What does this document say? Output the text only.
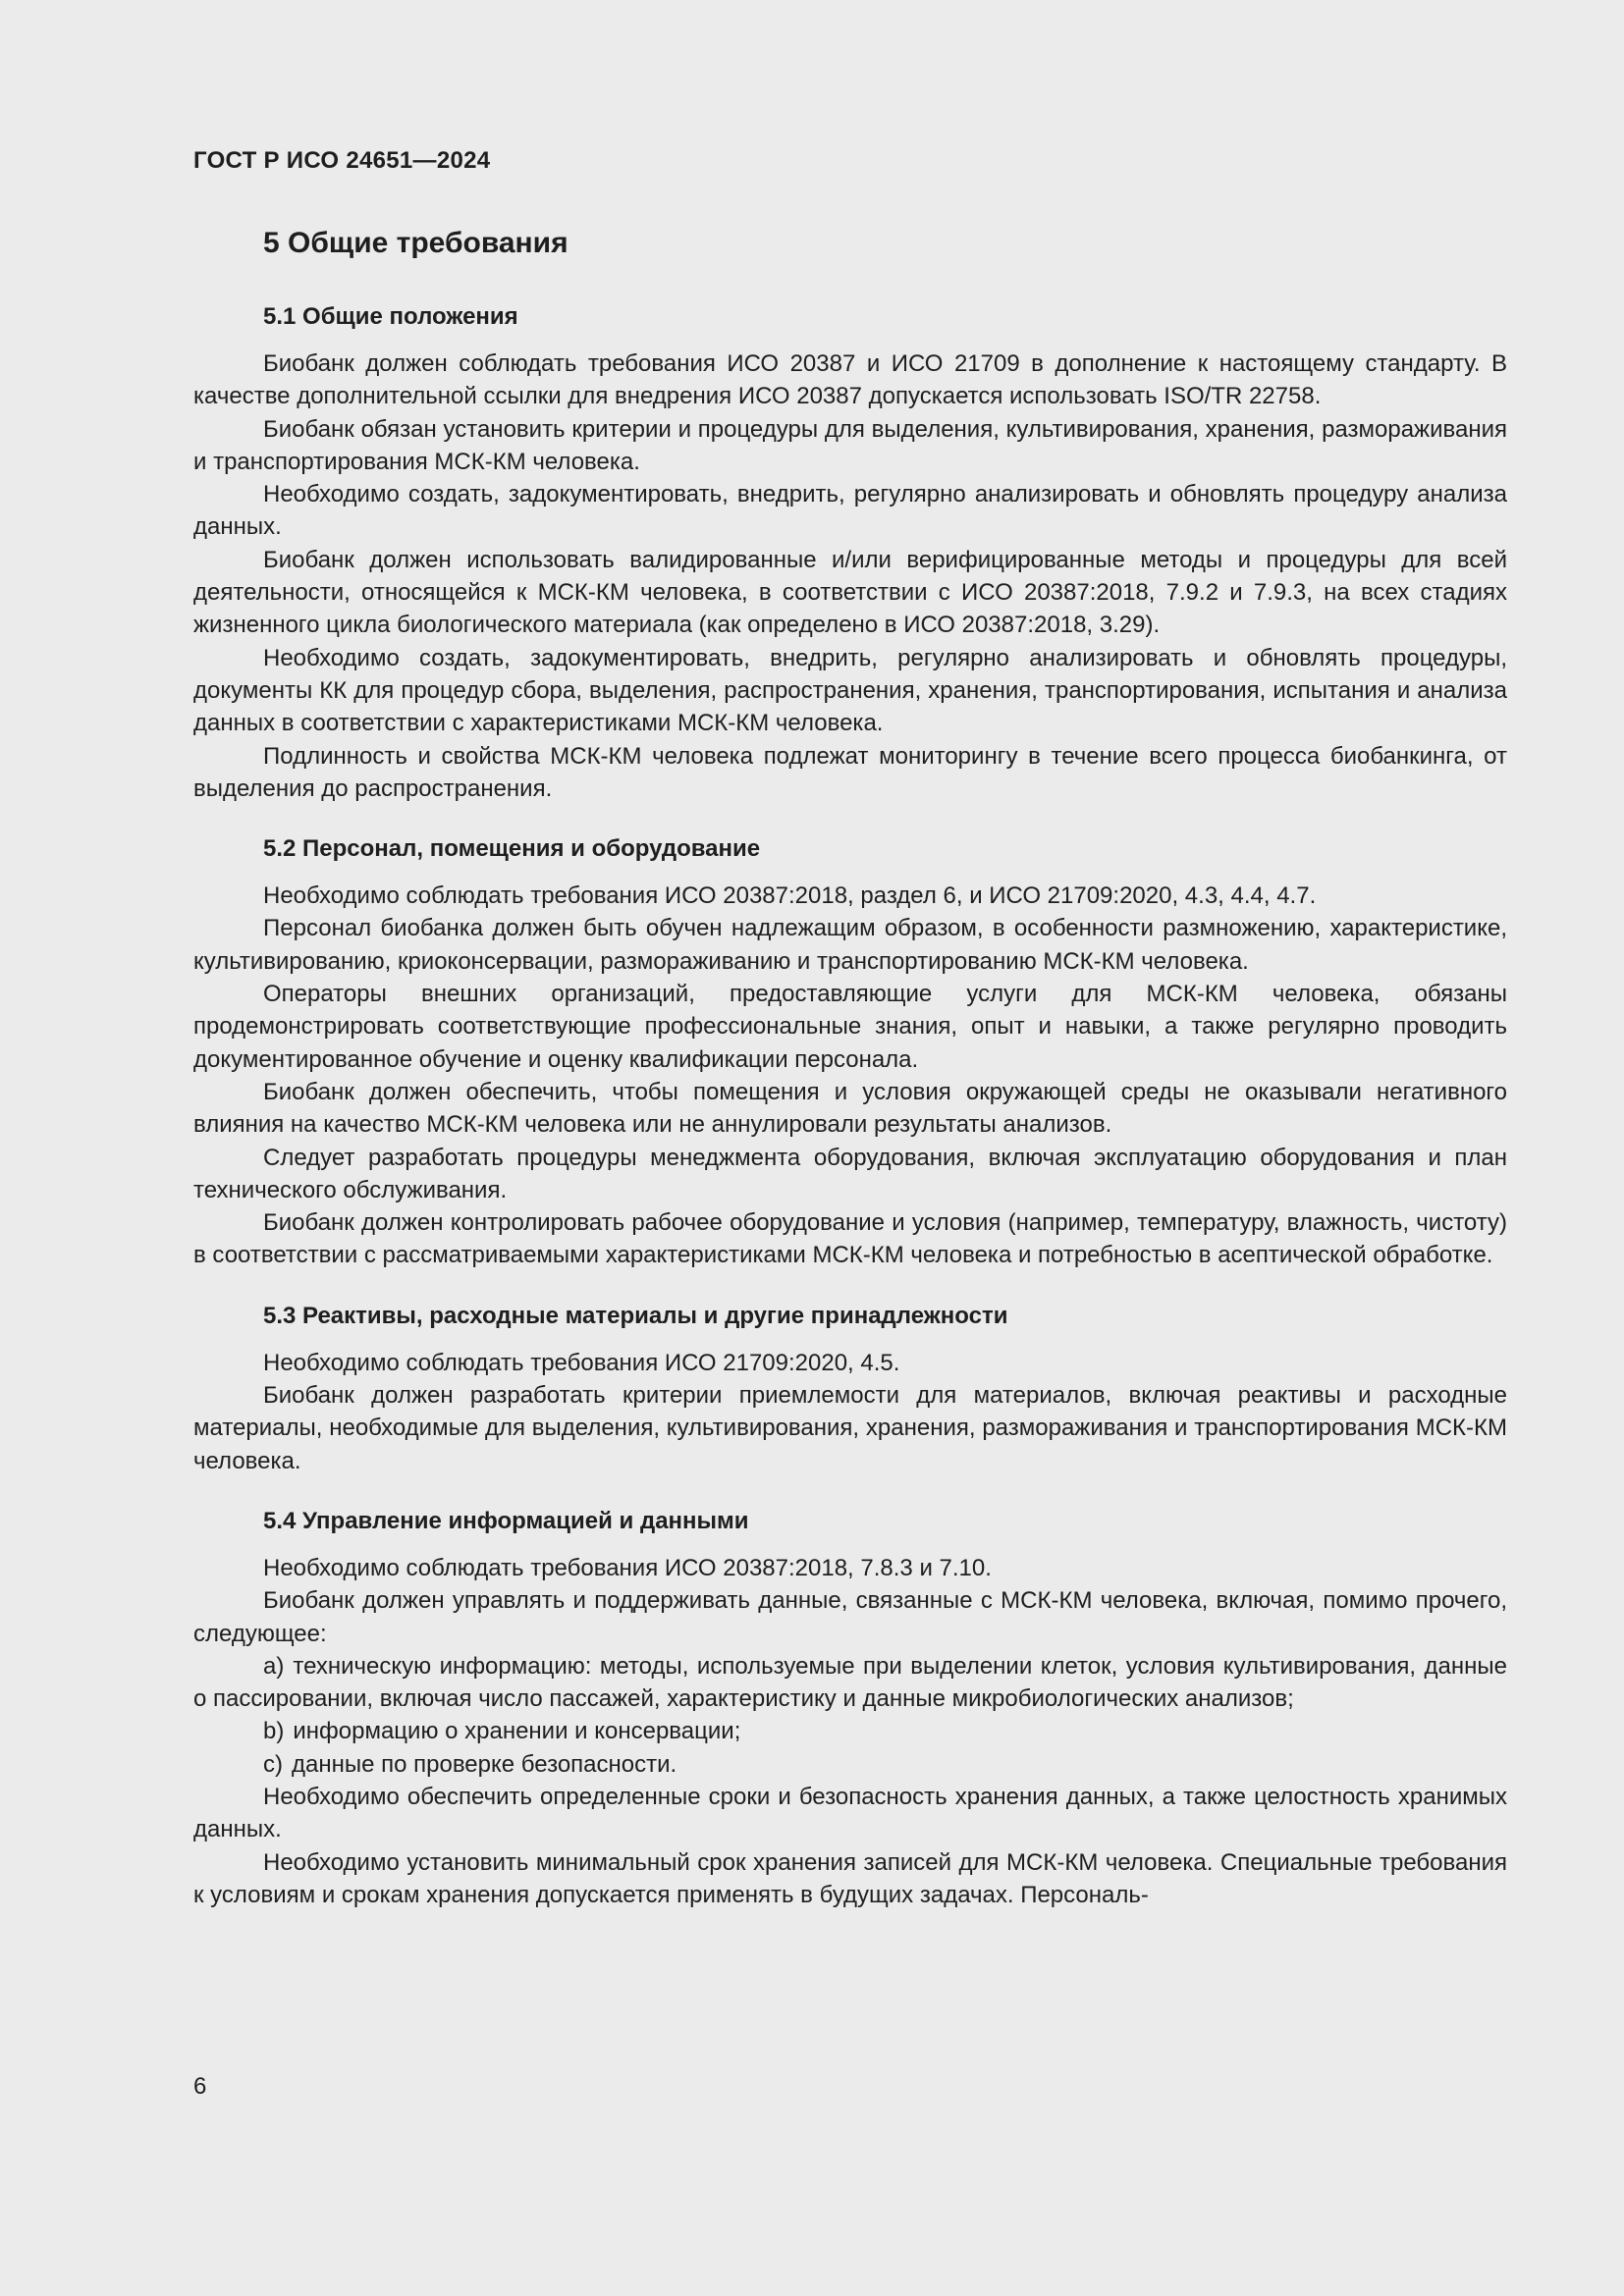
ГОСТ Р ИСО 24651—2024
5 Общие требования
5.1 Общие положения

Биобанк должен соблюдать требования ИСО 20387 и ИСО 21709 в дополнение к настоящему стандарту. В качестве дополнительной ссылки для внедрения ИСО 20387 допускается использовать ISO/TR 22758.

Биобанк обязан установить критерии и процедуры для выделения, культивирования, хранения, размораживания и транспортирования МСК-КМ человека.

Необходимо создать, задокументировать, внедрить, регулярно анализировать и обновлять процедуру анализа данных.

Биобанк должен использовать валидированные и/или верифицированные методы и процедуры для всей деятельности, относящейся к МСК-КМ человека, в соответствии с ИСО 20387:2018, 7.9.2 и 7.9.3, на всех стадиях жизненного цикла биологического материала (как определено в ИСО 20387:2018, 3.29).

Необходимо создать, задокументировать, внедрить, регулярно анализировать и обновлять процедуры, документы КК для процедур сбора, выделения, распространения, хранения, транспортирования, испытания и анализа данных в соответствии с характеристиками МСК-КМ человека.

Подлинность и свойства МСК-КМ человека подлежат мониторингу в течение всего процесса биобанкинга, от выделения до распространения.

5.2 Персонал, помещения и оборудование

Необходимо соблюдать требования ИСО 20387:2018, раздел 6, и ИСО 21709:2020, 4.3, 4.4, 4.7.

Персонал биобанка должен быть обучен надлежащим образом, в особенности размножению, характеристике, культивированию, криоконсервации, размораживанию и транспортированию МСК-КМ человека.

Операторы внешних организаций, предоставляющие услуги для МСК-КМ человека, обязаны продемонстрировать соответствующие профессиональные знания, опыт и навыки, а также регулярно проводить документированное обучение и оценку квалификации персонала.

Биобанк должен обеспечить, чтобы помещения и условия окружающей среды не оказывали негативного влияния на качество МСК-КМ человека или не аннулировали результаты анализов.

Следует разработать процедуры менеджмента оборудования, включая эксплуатацию оборудования и план технического обслуживания.

Биобанк должен контролировать рабочее оборудование и условия (например, температуру, влажность, чистоту) в соответствии с рассматриваемыми характеристиками МСК-КМ человека и потребностью в асептической обработке.

5.3 Реактивы, расходные материалы и другие принадлежности

Необходимо соблюдать требования ИСО 21709:2020, 4.5.

Биобанк должен разработать критерии приемлемости для материалов, включая реактивы и расходные материалы, необходимые для выделения, культивирования, хранения, размораживания и транспортирования МСК-КМ человека.

5.4 Управление информацией и данными

Необходимо соблюдать требования ИСО 20387:2018, 7.8.3 и 7.10.

Биобанк должен управлять и поддерживать данные, связанные с МСК-КМ человека, включая, помимо прочего, следующее:

a) техническую информацию: методы, используемые при выделении клеток, условия культивирования, данные о пассировании, включая число пассажей, характеристику и данные микробиологических анализов;
b) информацию о хранении и консервации;
c) данные по проверке безопасности.

Необходимо обеспечить определенные сроки и безопасность хранения данных, а также целостность хранимых данных.

Необходимо установить минимальный срок хранения записей для МСК-КМ человека. Специальные требования к условиям и срокам хранения допускается применять в будущих задачах. Персональ-

6
